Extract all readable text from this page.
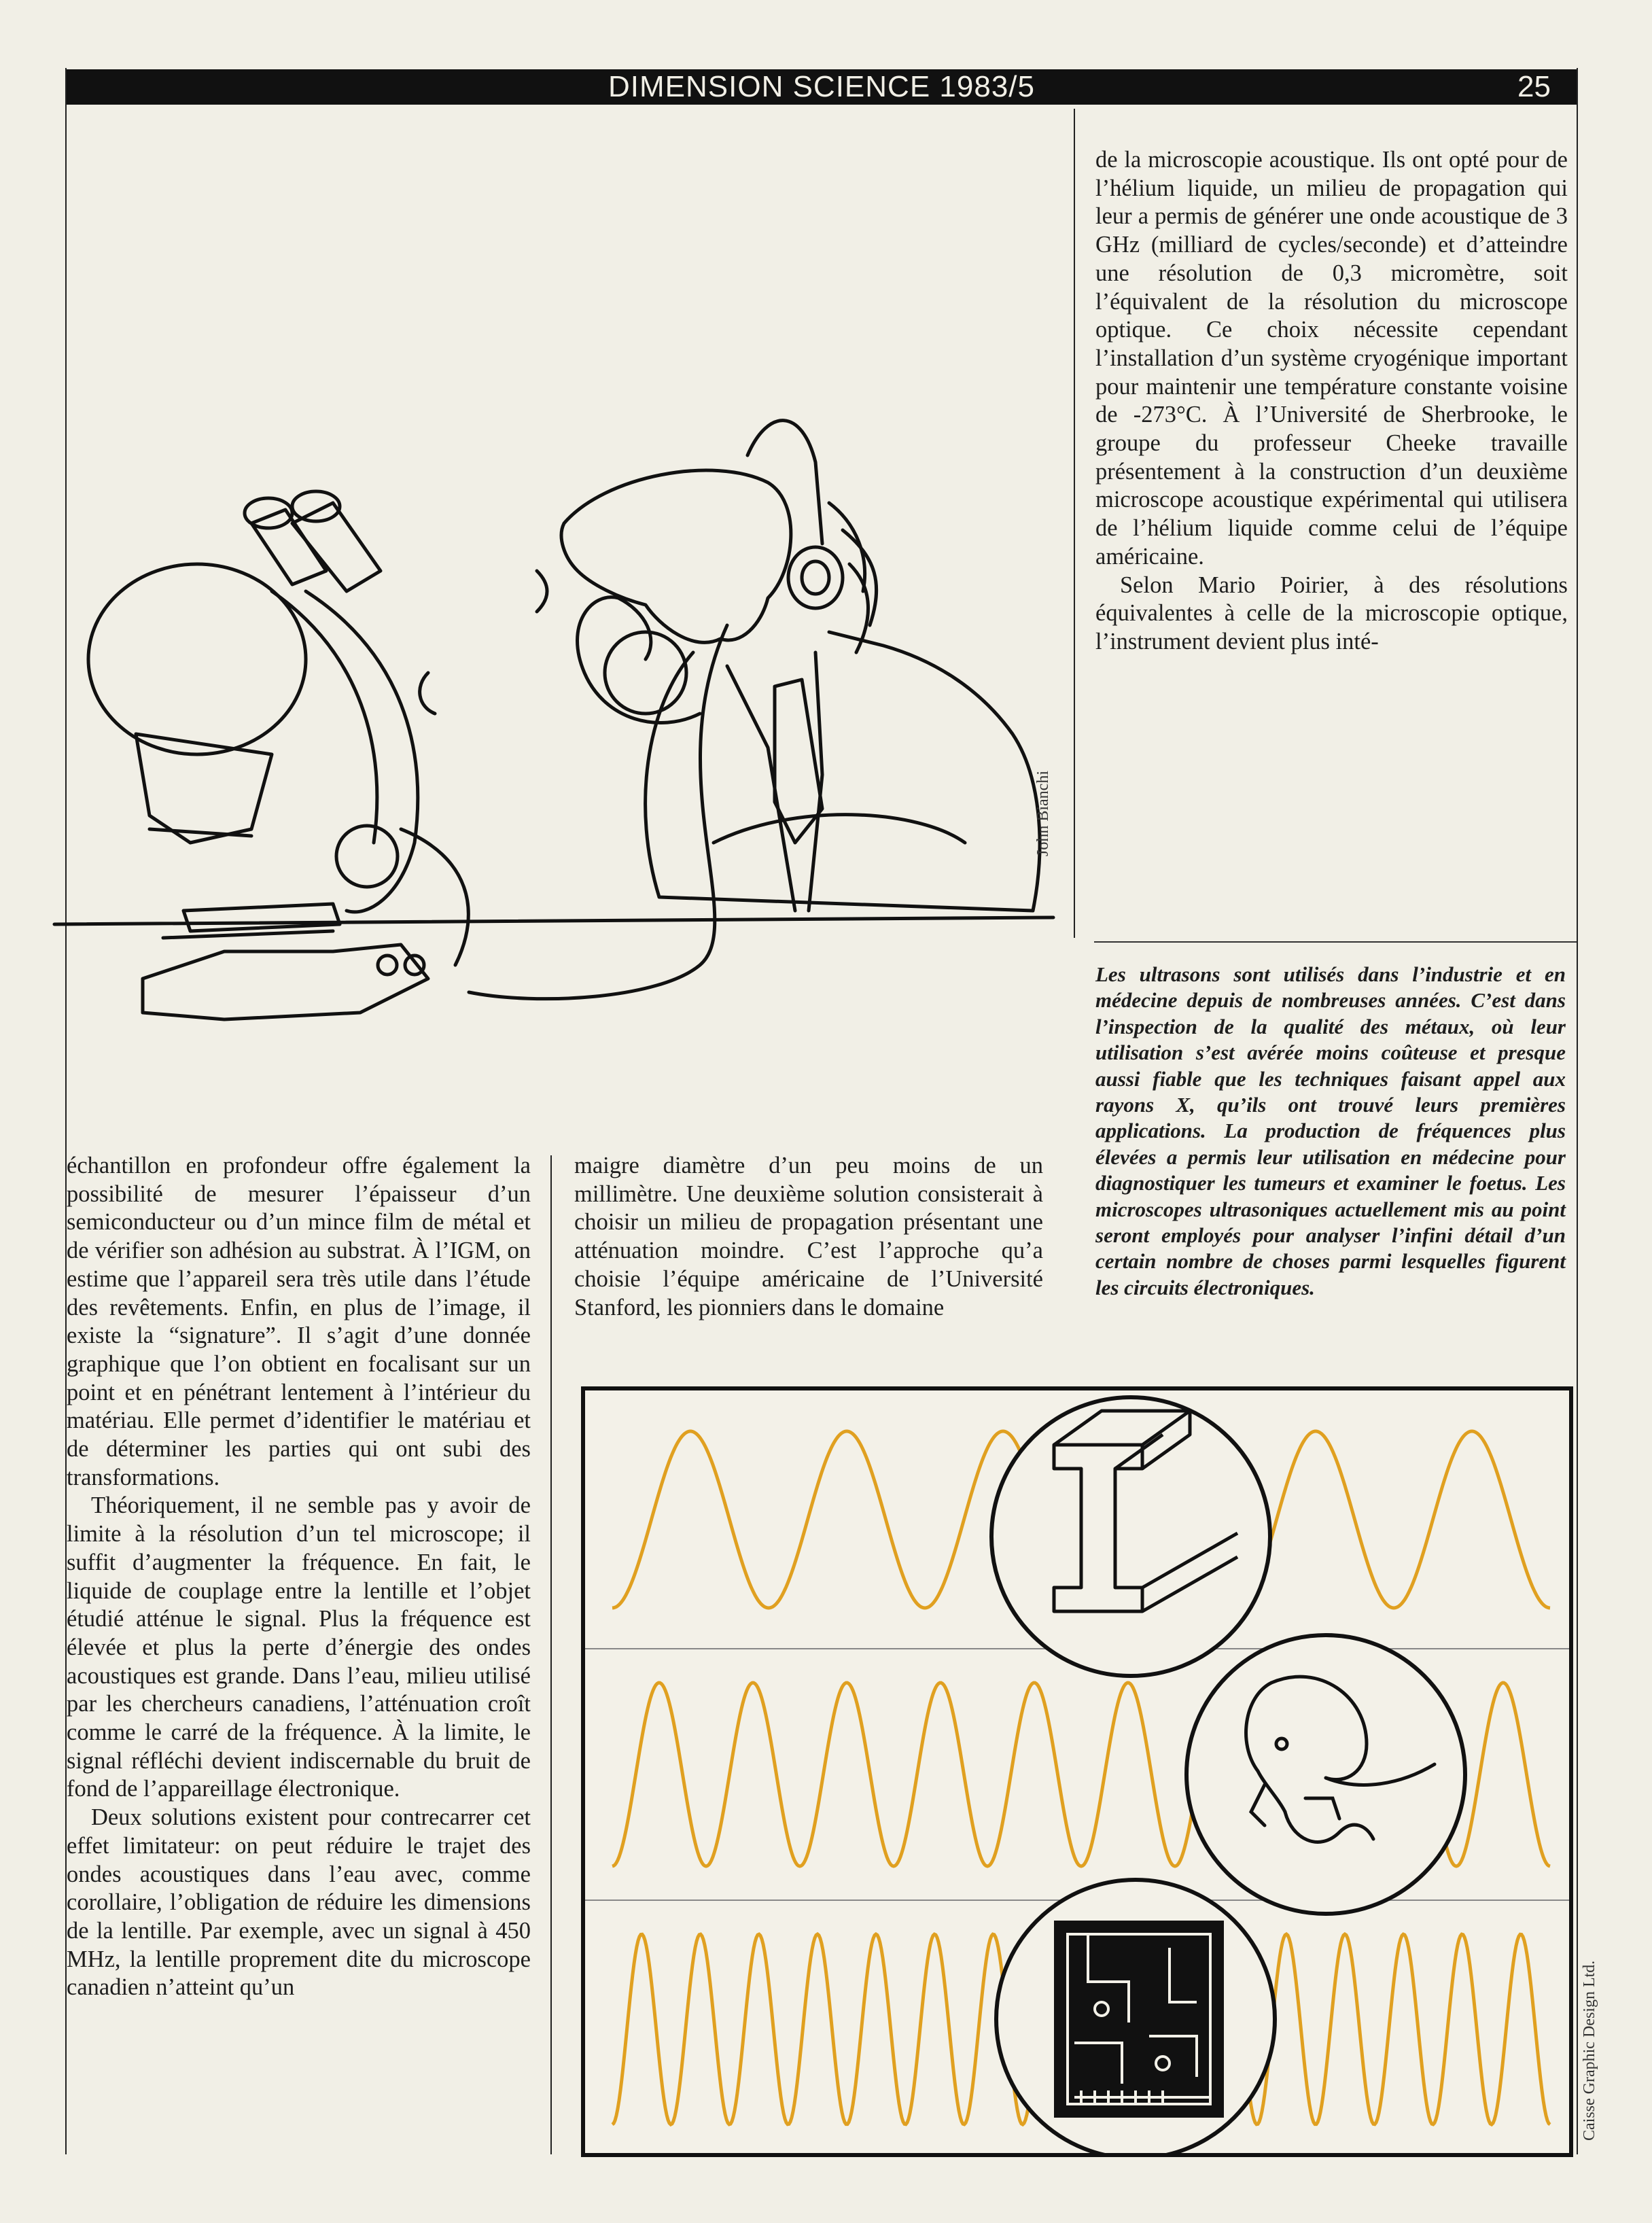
DIMENSION SCIENCE 1983/5	25

de la microscopie acoustique. Ils ont opté pour de l’hélium liquide, un milieu de propagation qui leur a permis de générer une onde acoustique de 3 GHz (milliard de cycles/seconde) et d’atteindre une résolution de 0,3 micromètre, soit l’équivalent de la résolution du microscope optique. Ce choix nécessite cependant l’installation d’un système cryogénique important pour maintenir une température constante voisine de -273°C. À l’Université de Sherbrooke, le groupe du professeur Cheeke travaille présentement à la construction d’un deuxième microscope acoustique expérimental qui utilisera de l’hélium liquide comme celui de l’équipe américaine.

Selon Mario Poirier, à des résolutions équivalentes à celle de la microscopie optique, l’instrument devient plus inté-

John Bianchi
Les ultrasons sont utilisés dans l’industrie et en médecine depuis de nombreuses années. C’est dans l’inspection de la qualité des métaux, où leur utilisation s’est avérée moins coûteuse et presque aussi fiable que les techniques faisant appel aux rayons X, qu’ils ont trouvé leurs premières applications. La production de fréquences plus élevées a permis leur utilisation en médecine pour diagnostiquer les tumeurs et examiner le foetus. Les microscopes ultrasoniques actuellement mis au point seront employés pour analyser l’infini détail d’un certain nombre de choses parmi lesquelles figurent les circuits électroniques.

échantillon en profondeur offre également la possibilité de mesurer l’épaisseur d’un semiconducteur ou d’un mince film de métal et de vérifier son adhésion au substrat. À l’IGM, on estime que l’appareil sera très utile dans l’étude des revêtements. Enfin, en plus de l’image, il existe la “signature”. Il s’agit d’une donnée graphique que l’on obtient en focalisant sur un point et en pénétrant lentement à l’intérieur du matériau. Elle permet d’identifier le matériau et de déterminer les parties qui ont subi des transformations.

Théoriquement, il ne semble pas y avoir de limite à la résolution d’un tel microscope; il suffit d’augmenter la fréquence. En fait, le liquide de couplage entre la lentille et l’objet étudié atténue le signal. Plus la fréquence est élevée et plus la perte d’énergie des ondes acoustiques est grande. Dans l’eau, milieu utilisé par les chercheurs canadiens, l’atténuation croît comme le carré de la fréquence. À la limite, le signal réfléchi devient indiscernable du bruit de fond de l’appareillage électronique.

Deux solutions existent pour contrecarrer cet effet limitateur: on peut réduire le trajet des ondes acoustiques dans l’eau avec, comme corollaire, l’obligation de réduire les dimensions de la lentille. Par exemple, avec un signal à 450 MHz, la lentille proprement dite du microscope canadien n’atteint qu’un

maigre diamètre d’un peu moins de un millimètre. Une deuxième solution consisterait à choisir un milieu de propagation présentant une atténuation moindre. C’est l’approche qu’a choisie l’équipe américaine de l’Université Stanford, les pionniers dans le domaine

Caisse Graphic Design Ltd.
